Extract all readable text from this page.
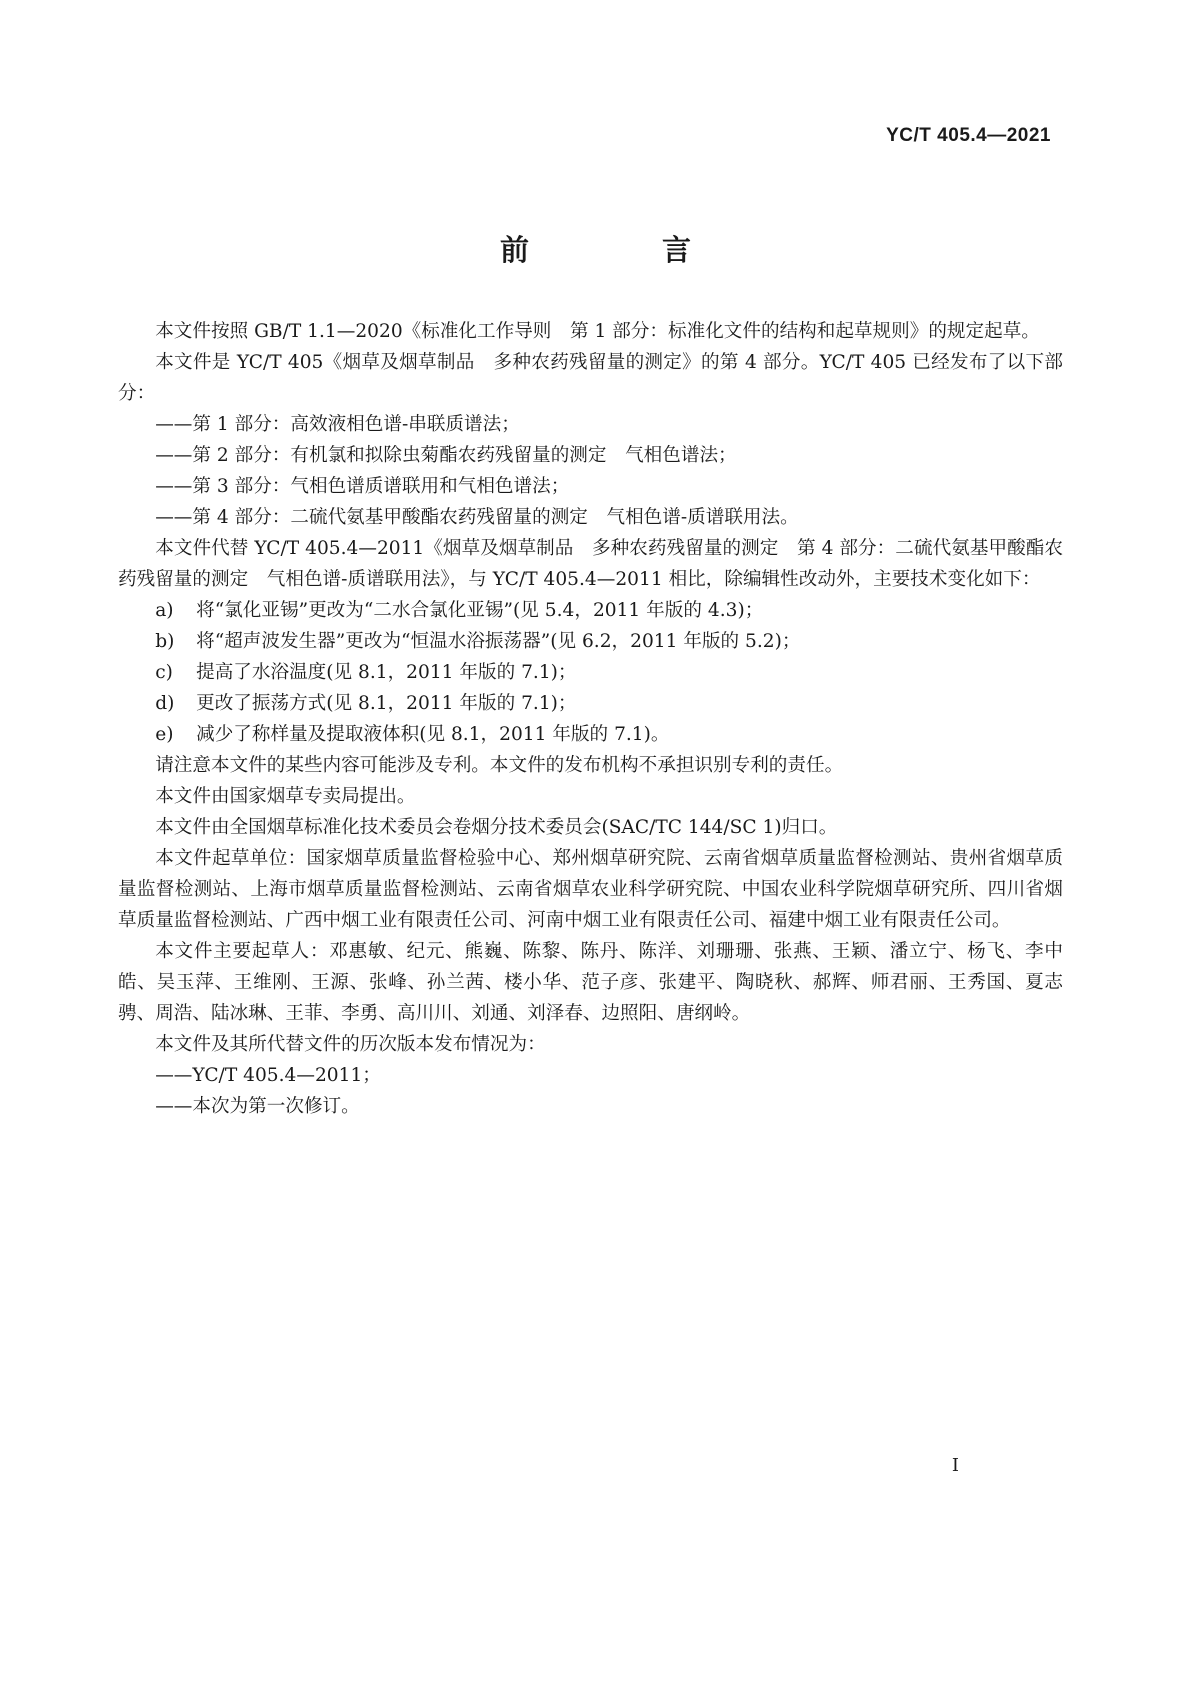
YC/T 405.4—2021
前　言

本文件按照 GB/T 1.1—2020《标准化工作导则　第 1 部分：标准化文件的结构和起草规则》的规定起草。

本文件是 YC/T 405《烟草及烟草制品　多种农药残留量的测定》的第 4 部分。YC/T 405 已经发布了以下部分：

——第 1 部分：高效液相色谱-串联质谱法；

——第 2 部分：有机氯和拟除虫菊酯农药残留量的测定　气相色谱法；

——第 3 部分：气相色谱质谱联用和气相色谱法；

——第 4 部分：二硫代氨基甲酸酯农药残留量的测定　气相色谱-质谱联用法。

本文件代替 YC/T 405.4—2011《烟草及烟草制品　多种农药残留量的测定　第 4 部分：二硫代氨基甲酸酯农药残留量的测定　气相色谱-质谱联用法》，与 YC/T 405.4—2011 相比，除编辑性改动外，主要技术变化如下：

a) 将“氯化亚锡”更改为“二水合氯化亚锡”(见 5.4，2011 年版的 4.3)；

b) 将“超声波发生器”更改为“恒温水浴振荡器”(见 6.2，2011 年版的 5.2)；

c) 提高了水浴温度(见 8.1，2011 年版的 7.1)；

d) 更改了振荡方式(见 8.1，2011 年版的 7.1)；

e) 减少了称样量及提取液体积(见 8.1，2011 年版的 7.1)。

请注意本文件的某些内容可能涉及专利。本文件的发布机构不承担识别专利的责任。

本文件由国家烟草专卖局提出。

本文件由全国烟草标准化技术委员会卷烟分技术委员会(SAC/TC 144/SC 1)归口。

本文件起草单位：国家烟草质量监督检验中心、郑州烟草研究院、云南省烟草质量监督检测站、贵州省烟草质量监督检测站、上海市烟草质量监督检测站、云南省烟草农业科学研究院、中国农业科学院烟草研究所、四川省烟草质量监督检测站、广西中烟工业有限责任公司、河南中烟工业有限责任公司、福建中烟工业有限责任公司。

本文件主要起草人：邓惠敏、纪元、熊巍、陈黎、陈丹、陈洋、刘珊珊、张燕、王颖、潘立宁、杨飞、李中皓、吴玉萍、王维刚、王源、张峰、孙兰茜、楼小华、范子彦、张建平、陶晓秋、郝辉、师君丽、王秀国、夏志骋、周浩、陆冰琳、王菲、李勇、高川川、刘通、刘泽春、边照阳、唐纲岭。

本文件及其所代替文件的历次版本发布情况为：

——YC/T 405.4—2011；

——本次为第一次修订。

I
